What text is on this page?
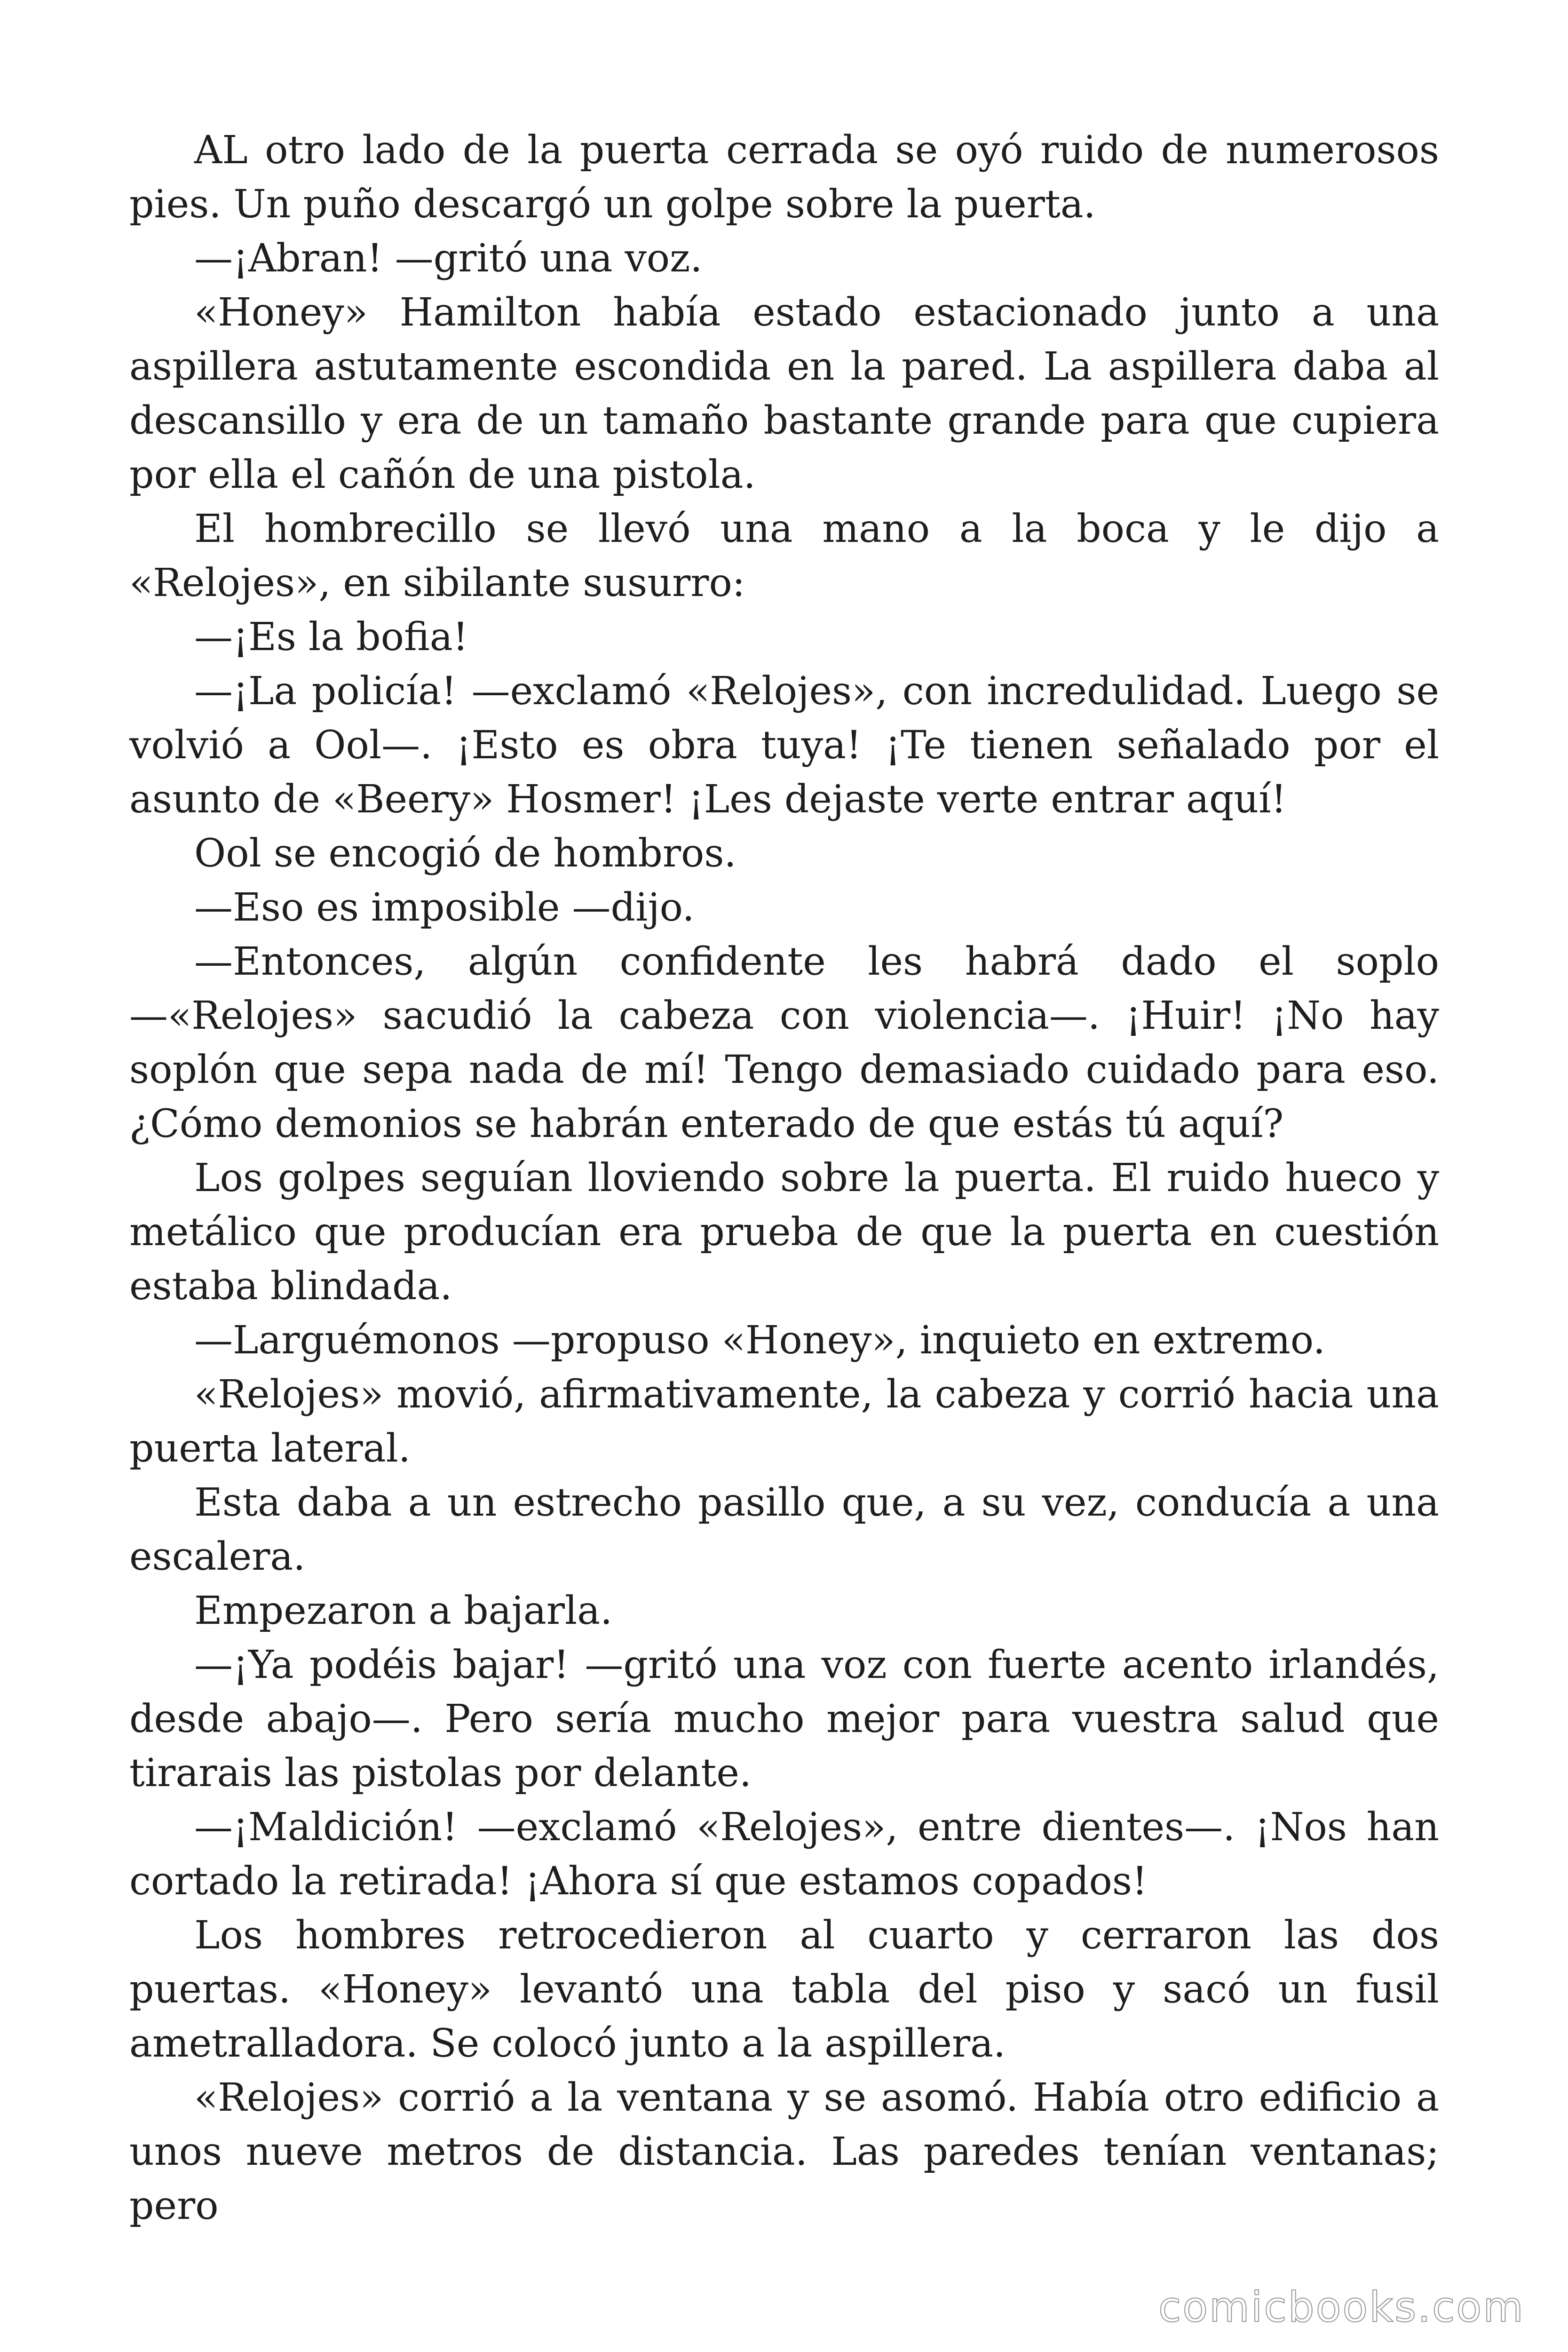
AL otro lado de la puerta cerrada se oyó ruido de numerosos pies. Un puño descargó un golpe sobre la puerta.

—¡Abran! —gritó una voz.

«Honey» Hamilton había estado estacionado junto a una aspillera astutamente escondida en la pared. La aspillera daba al descansillo y era de un tamaño bastante grande para que cupiera por ella el cañón de una pistola.

El hombrecillo se llevó una mano a la boca y le dijo a «Relojes», en sibilante susurro:

—¡Es la bofia!

—¡La policía! —exclamó «Relojes», con incredulidad. Luego se volvió a Ool—. ¡Esto es obra tuya! ¡Te tienen señalado por el asunto de «Beery» Hosmer! ¡Les dejaste verte entrar aquí!

Ool se encogió de hombros.

—Eso es imposible —dijo.

—Entonces, algún confidente les habrá dado el soplo —«Relojes» sacudió la cabeza con violencia—. ¡Huir! ¡No hay soplón que sepa nada de mí! Tengo demasiado cuidado para eso. ¿Cómo demonios se habrán enterado de que estás tú aquí?

Los golpes seguían lloviendo sobre la puerta. El ruido hueco y metálico que producían era prueba de que la puerta en cuestión estaba blindada.

—Larguémonos —propuso «Honey», inquieto en extremo.

«Relojes» movió, afirmativamente, la cabeza y corrió hacia una puerta lateral.

Esta daba a un estrecho pasillo que, a su vez, conducía a una escalera.

Empezaron a bajarla.

—¡Ya podéis bajar! —gritó una voz con fuerte acento irlandés, desde abajo—. Pero sería mucho mejor para vuestra salud que tirarais las pistolas por delante.

—¡Maldición! —exclamó «Relojes», entre dientes—. ¡Nos han cortado la retirada! ¡Ahora sí que estamos copados!

Los hombres retrocedieron al cuarto y cerraron las dos puertas. «Honey» levantó una tabla del piso y sacó un fusil ametralladora. Se colocó junto a la aspillera.

«Relojes» corrió a la ventana y se asomó. Había otro edificio a unos nueve metros de distancia. Las paredes tenían ventanas; pero

comicbooks.com
